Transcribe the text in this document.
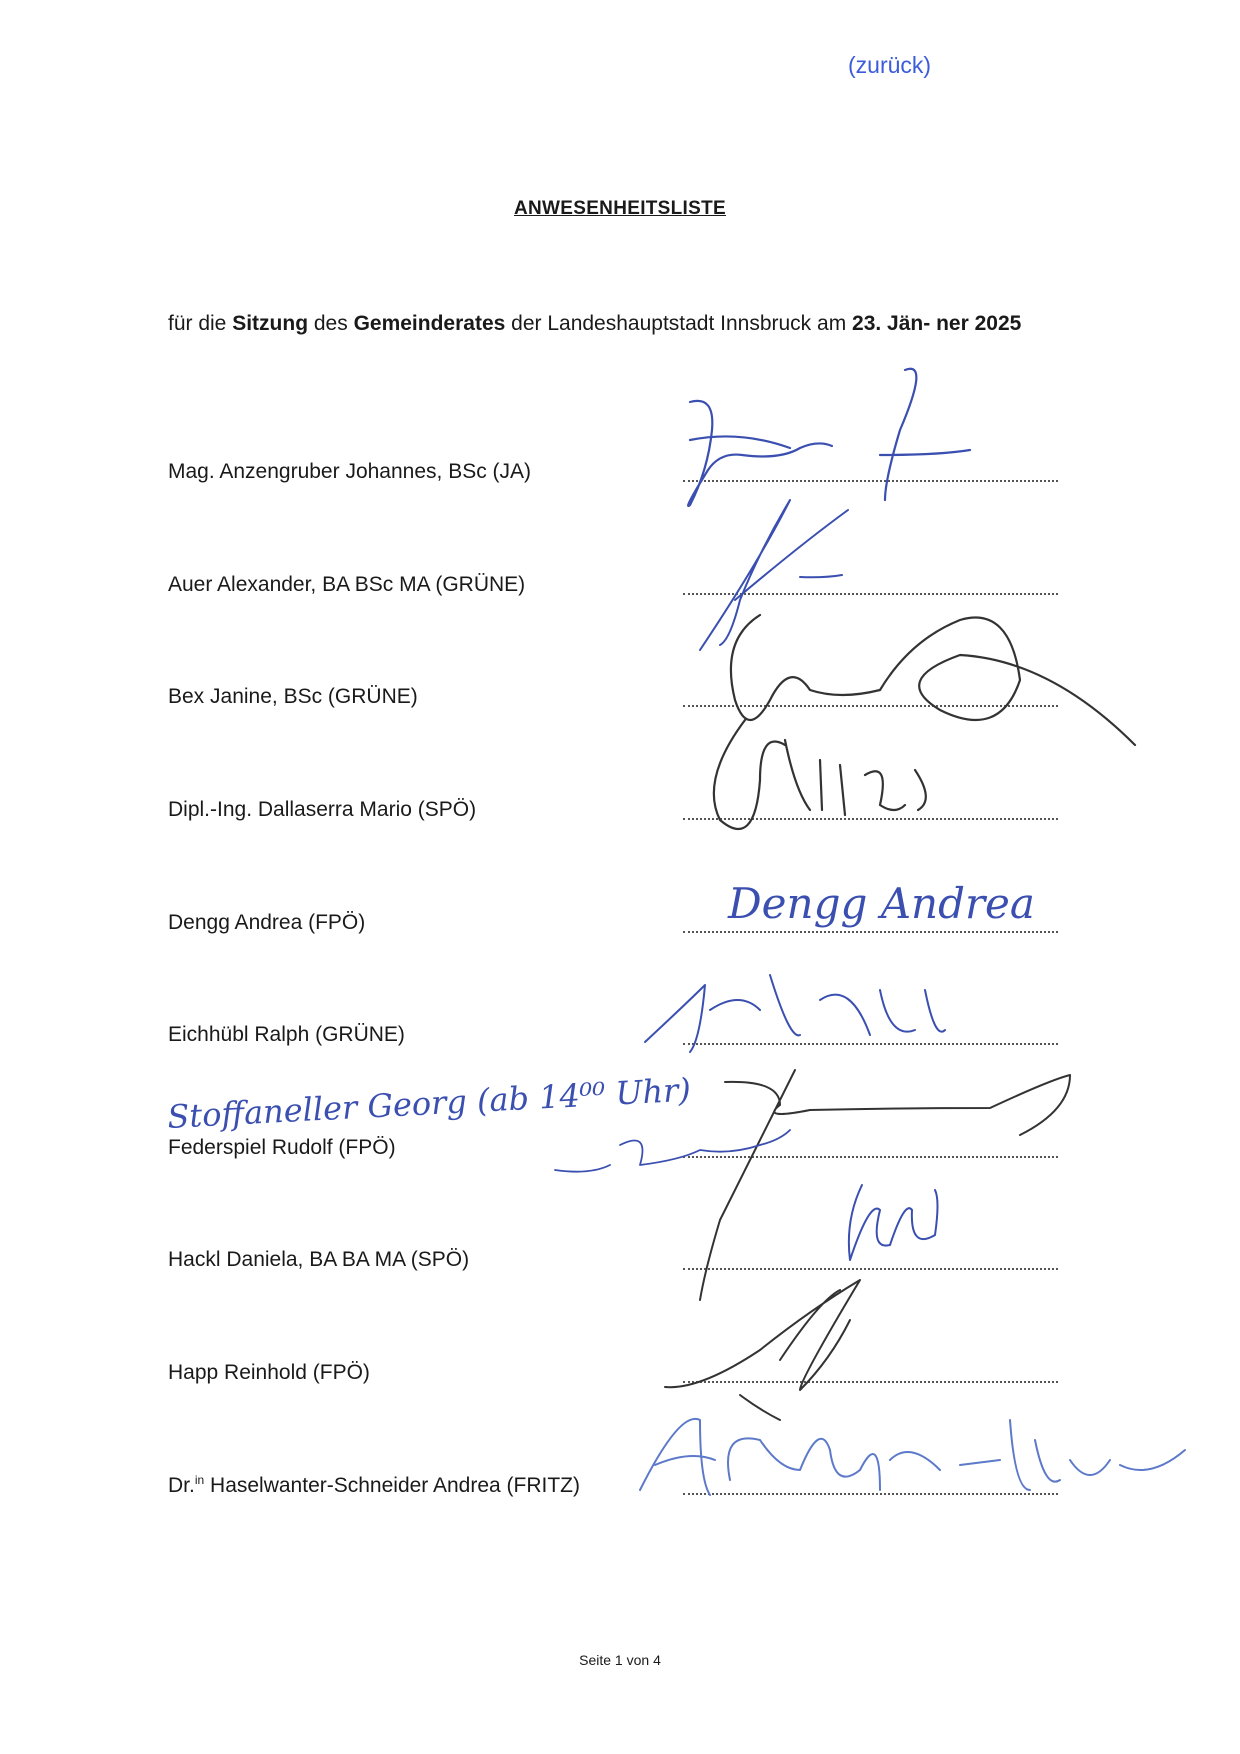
(zurück)
ANWESENHEITSLISTE

für die Sitzung des Gemeinderates der Landeshauptstadt Innsbruck am 23. Jän- ner 2025

Mag. Anzengruber Johannes, BSc (JA)
Auer Alexander, BA BSc MA (GRÜNE)
Bex Janine, BSc (GRÜNE)
Dipl.-Ing. Dallaserra Mario (SPÖ)
Dengg Andrea (FPÖ)
Eichhübl Ralph (GRÜNE)
Federspiel Rudolf (FPÖ)
Hackl Daniela, BA BA MA (SPÖ)
Happ Reinhold (FPÖ)
Dr.$^{in}$ Haselwanter-Schneider Andrea (FRITZ)
Dengg Andrea
Stoffaneller Georg (ab 14⁰⁰ Uhr)

Seite 1 von 4
